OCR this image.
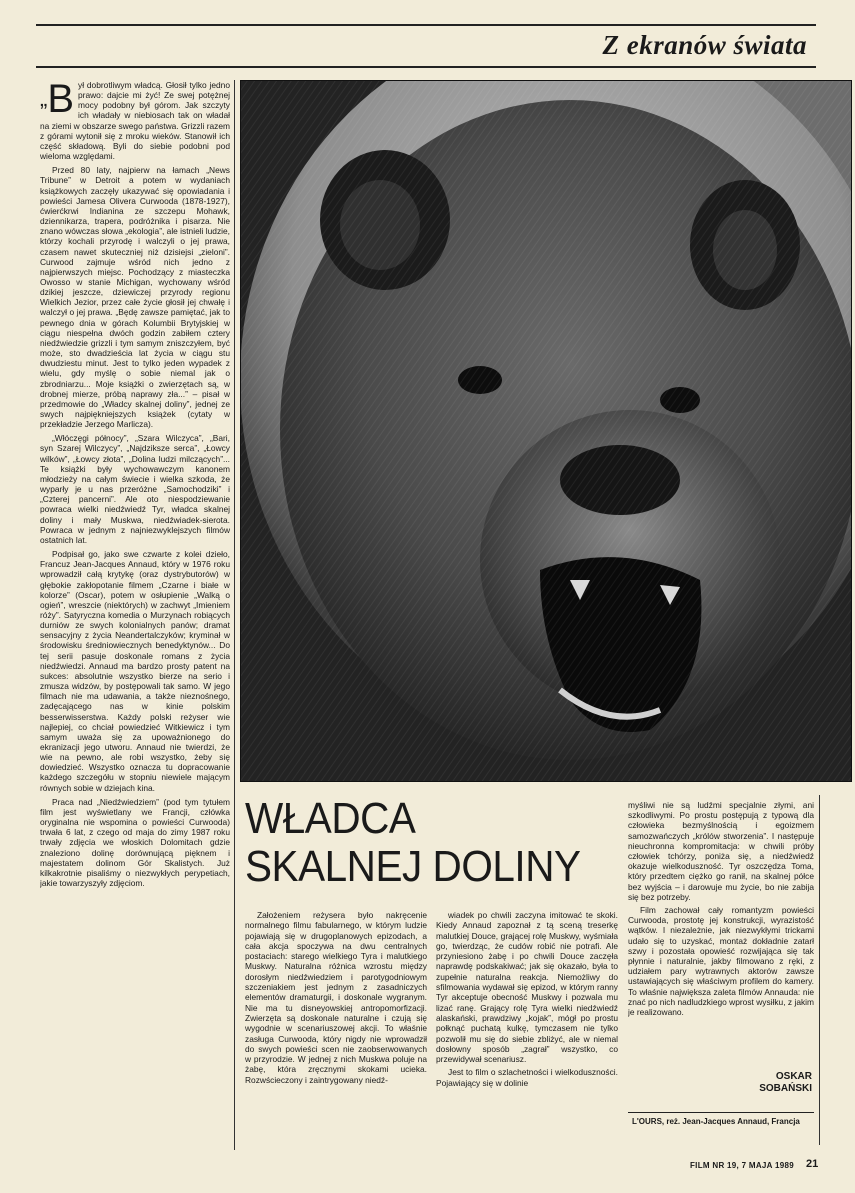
Z ekranów świata

„B ył dobrotliwym władcą. Głosił tylko jedno prawo: dajcie mi żyć! Ze swej potężnej mocy podobny był górom. Jak szczyty ich władały w niebiosach tak on władał na ziemi w obszarze swego państwa. Grizzli razem z górami wytonił się z mroku wieków. Stanowił ich część składową. Byli do siebie podobni pod wieloma względami.

Przed 80 laty, najpierw na łamach „News Tribune” w Detroit a potem w wydaniach książkowych zaczęły ukazywać się opowiadania i powieści Jamesa Olivera Curwooda (1878-1927), ćwierćkrwi Indianina ze szczepu Mohawk, dziennikarza, trapera, podróżnika i pisarza. Nie znano wówczas słowa „ekologia”, ale istnieli ludzie, którzy kochali przyrodę i walczyli o jej prawa, czasem nawet skuteczniej niż dzisiejsi „zieloni”. Curwood zajmuje wśród nich jedno z najpierwszych miejsc. Pochodzący z miasteczka Owosso w stanie Michigan, wychowany wśród dzikiej jeszcze, dziewiczej przyrody regionu Wielkich Jezior, przez całe życie głosił jej chwałę i walczył o jej prawa. „Będę zawsze pamiętać, jak to pewnego dnia w górach Kolumbii Brytyjskiej w ciągu niespełna dwóch godzin zabiłem cztery niedźwiedzie grizzli i tym samym zniszczyłem, być może, sto dwadzieścia lat życia w ciągu stu dwudziestu minut. Jest to tylko jeden wypadek z wielu, gdy myślę o sobie niemal jak o zbrodniarzu... Moje książki o zwierzętach są, w drobnej mierze, próbą naprawy zła...” – pisał w przedmowie do „Władcy skalnej doliny”, jednej ze swych najpiękniejszych książek (cytaty w przekładzie Jerzego Marlicza).

„Włóczęgi północy”, „Szara Wilczyca”, „Bari, syn Szarej Wilczycy”, „Najdziksze serca”, „Łowcy wilków”, „Łowcy złota”, „Dolina ludzi milczących”... Te książki były wychowawczym kanonem młodzieży na całym świecie i wielka szkoda, że wyparły je u nas przeróżne „Samochodziki” i „Czterej pancerni”. Ale oto niespodziewanie powraca wielki niedźwiedź Tyr, władca skalnej doliny i mały Muskwa, niedźwiadek-sierota. Powraca w jednym z najniezwyklejszych filmów ostatnich lat.

Podpisał go, jako swe czwarte z kolei dzieło, Francuz Jean-Jacques Annaud, który w 1976 roku wprowadził całą krytykę (oraz dystrybutorów) w głębokie zakłopotanie filmem „Czarne i białe w kolorze” (Oscar), potem w osłupienie „Walką o ogień”, wreszcie (niektórych) w zachwyt „Imieniem róży”. Satyryczna komedia o Murzynach robiących durniów ze swych kolonialnych panów; dramat sensacyjny z życia Neandertalczyków; kryminał w środowisku średniowiecznych benedyktynów... Do tej serii pasuje doskonale romans z życia niedźwiedzi. Annaud ma bardzo prosty patent na sukces: absolutnie wszystko bierze na serio i zmusza widzów, by postępowali tak samo. W jego filmach nie ma udawania, a także nieznośnego, zadęcającego nas w kinie polskim besserwisserstwa. Każdy polski reżyser wie najlepiej, co chciał powiedzieć Witkiewicz i tym samym uważa się za upoważnionego do ekranizacji jego utworu. Annaud nie twierdzi, że wie na pewno, ale robi wszystko, żeby się dowiedzieć. Wszystko oznacza tu dopracowanie każdego szczegółu w stopniu niewiele mającym równych sobie w dziejach kina.

Praca nad „Niedźwiedziem” (pod tym tytułem film jest wyświetlany we Francji, człówka oryginalna nie wspomina o powieści Curwooda) trwała 6 lat, z czego od maja do zimy 1987 roku trwały zdjęcia we włoskich Dolomitach gdzie znaleziono dolinę dorównującą pięknem i majestatem dolinom Gór Skalistych. Już kilkakrotnie pisaliśmy o niezwykłych perypetiach, jakie towarzyszyły zdjęciom.

WŁADCA
SKALNEJ DOLINY

Założeniem reżysera było nakręcenie normalnego filmu fabularnego, w którym ludzie pojawiają się w drugoplanowych epizodach, a cała akcja spoczywa na dwu centralnych postaciach: starego wielkiego Tyra i malutkiego Muskwy. Naturalna różnica wzrostu między dorosłym niedźwiedziem i parotygodniowym szczeniakiem jest jednym z zasadniczych elementów dramaturgii, i doskonale wygranym. Nie ma tu disneyowskiej antropomorfizacji. Zwierzęta są doskonale naturalne i czują się wygodnie w scenariuszowej akcji. To właśnie zasługa Curwooda, który nigdy nie wprowadził do swych powieści scen nie zaobserwowanych w przyrodzie. W jednej z nich Muskwa poluje na żabę, która zręcznymi skokami ucieka. Rozwścieczony i zaintrygowany niedź-

wiadek po chwili zaczyna imitować te skoki. Kiedy Annaud zapoznał z tą sceną treserkę malutkiej Douce, grającej rolę Muskwy, wyśmiała go, twierdząc, że cudów robić nie potrafi. Ale przyniesiono żabę i po chwili Douce zaczęła naprawdę podskakiwać; jak się okazało, była to zupełnie naturalna reakcja. Niemożliwy do sfilmowania wydawał się epizod, w którym ranny Tyr akceptuje obecność Muskwy i pozwala mu lizać ranę. Grający rolę Tyra wielki niedźwiedź alaskański, prawdziwy „kojak”, mógł po prostu połknąć puchatą kulkę, tymczasem nie tylko pozwolił mu się do siebie zbliżyć, ale w niemal dosłowny sposób „zagrał” wszystko, co przewidywał scenariusz.

Jest to film o szlachetności i wielkoduszności. Pojawiający się w dolinie

myśliwi nie są ludźmi specjalnie złymi, ani szkodliwymi. Po prostu postępują z typową dla człowieka bezmyślnością i egoizmem samozwańczych „królów stworzenia”. I następuje nieuchronna kompromitacja: w chwili próby człowiek tchórzy, poniża się, a niedźwiedź okazuje wielkoduszność. Tyr oszczędza Toma, który przedtem ciężko go ranił, na skalnej półce bez wyjścia – i darowuje mu życie, bo nie zabija się bez potrzeby.

Film zachował cały romantyzm powieści Curwooda, prostotę jej konstrukcji, wyrazistość wątków. I niezależnie, jak niezwykłymi trickami udało się to uzyskać, montaż dokładnie zatarł szwy i pozostała opowieść rozwijająca się tak płynnie i naturalnie, jakby filmowano z ręki, z udziałem pary wytrawnych aktorów zawsze ustawiających się właściwym profilem do kamery. To właśnie największa zaleta filmów Annauda: nie znać po nich nadludzkiego wprost wysiłku, z jakim je realizowano.

OSKAR
SOBAŃSKI
L'OURS, reż. Jean-Jacques Annaud, Francja
FILM NR 19, 7 MAJA 1989 21
